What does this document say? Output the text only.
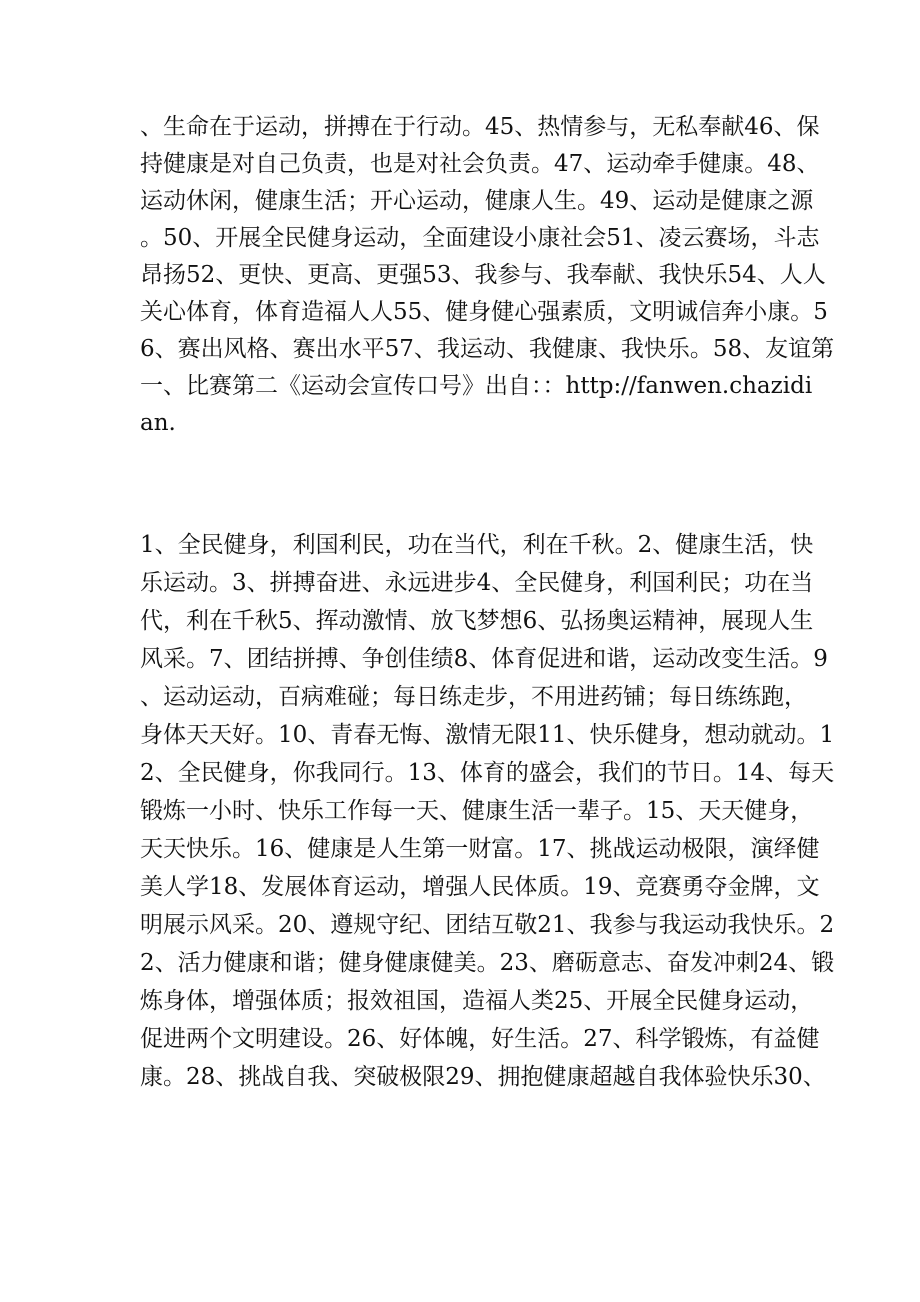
、生命在于运动，拼搏在于行动。45、热情参与，无私奉献46、保
持健康是对自己负责，也是对社会负责。47、运动牵手健康。48、
运动休闲，健康生活；开心运动，健康人生。49、运动是健康之源
。50、开展全民健身运动，全面建设小康社会51、凌云赛场，斗志
昂扬52、更快、更高、更强53、我参与、我奉献、我快乐54、人人
关心体育，体育造福人人55、健身健心强素质，文明诚信奔小康。5
6、赛出风格、赛出水平57、我运动、我健康、我快乐。58、友谊第
一、比赛第二《运动会宣传口号》出自：：http://fanwen.chazidi
an.
1、全民健身，利国利民，功在当代，利在千秋。2、健康生活，快
乐运动。3、拼搏奋进、永远进步4、全民健身，利国利民；功在当
代，利在千秋5、挥动激情、放飞梦想6、弘扬奥运精神，展现人生
风采。7、团结拼搏、争创佳绩8、体育促进和谐，运动改变生活。9
、运动运动，百病难碰；每日练走步，不用进药铺；每日练练跑，
身体天天好。10、青春无悔、激情无限11、快乐健身，想动就动。1
2、全民健身，你我同行。13、体育的盛会，我们的节日。14、每天
锻炼一小时、快乐工作每一天、健康生活一辈子。15、天天健身，
天天快乐。16、健康是人生第一财富。17、挑战运动极限，演绎健
美人学18、发展体育运动，增强人民体质。19、竞赛勇夺金牌，文
明展示风采。20、遵规守纪、团结互敬21、我参与我运动我快乐。2
2、活力健康和谐；健身健康健美。23、磨砺意志、奋发冲刺24、锻
炼身体，增强体质；报效祖国，造福人类25、开展全民健身运动，
促进两个文明建设。26、好体魄，好生活。27、科学锻炼，有益健
康。28、挑战自我、突破极限29、拥抱健康超越自我体验快乐30、
